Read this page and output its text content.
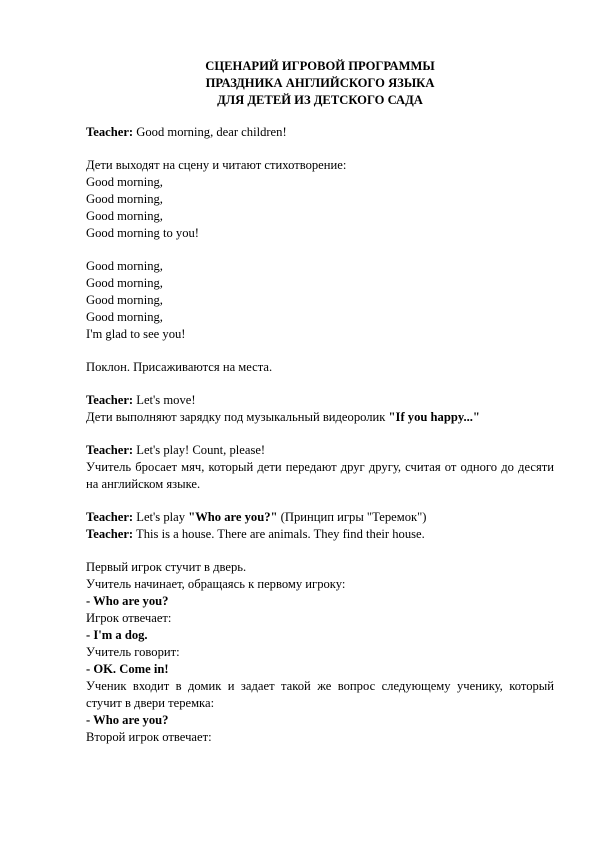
СЦЕНАРИЙ ИГРОВОЙ ПРОГРАММЫ
ПРАЗДНИКА АНГЛИЙСКОГО ЯЗЫКА
ДЛЯ ДЕТЕЙ ИЗ ДЕТСКОГО САДА
Teacher: Good morning, dear children!
Дети выходят на сцену и читают стихотворение:
Good morning,
Good morning,
Good morning,
Good morning to you!
Good morning,
Good morning,
Good morning,
Good morning,
I'm glad to see you!
Поклон. Присаживаются на места.
Teacher: Let's move!
Дети выполняют зарядку под музыкальный видеоролик "If you happy..."
Teacher: Let's play! Count, please!
Учитель бросает мяч, который дети передают друг другу, считая от одного до десяти на английском языке.
Teacher: Let's play "Who are you?" (Принцип игры "Теремок")
Teacher: This is a house. There are animals. They find their house.
Первый игрок стучит в дверь.
Учитель начинает, обращаясь к первому игроку:
- Who are you?
Игрок отвечает:
- I'm a dog.
Учитель говорит:
- OK. Come in!
Ученик входит в домик и задает такой же вопрос следующему ученику, который стучит в двери теремка:
- Who are you?
Второй игрок отвечает:
